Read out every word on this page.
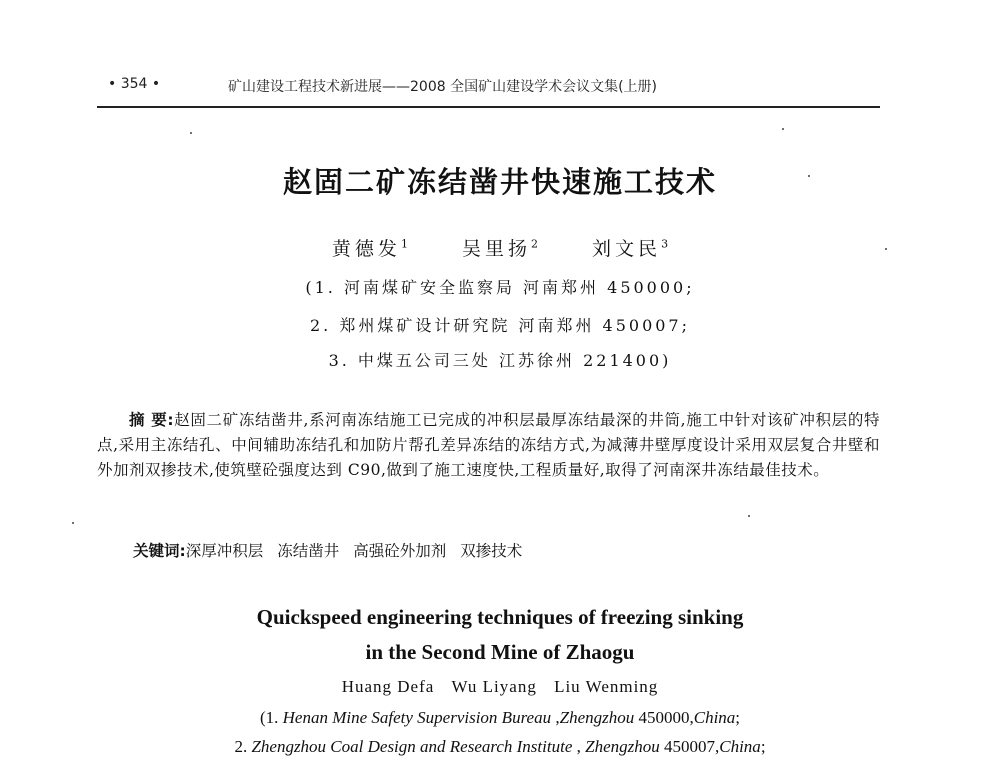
• 354 •	矿山建设工程技术新进展——2008 全国矿山建设学术会议文集(上册)
赵固二矿冻结凿井快速施工技术
黄德发$^1$	吴里扬$^2$	刘文民$^3$
(1. 河南煤矿安全监察局 河南郑州 450000;
2. 郑州煤矿设计研究院 河南郑州 450007;
3. 中煤五公司三处 江苏徐州 221400)
摘 要:赵固二矿冻结凿井,系河南冻结施工已完成的冲积层最厚冻结最深的井筒,施工中针对该矿冲积层的特点,采用主冻结孔、中间辅助冻结孔和加防片帮孔差异冻结的冻结方式,为减薄井壁厚度设计采用双层复合井壁和外加剂双掺技术,使筑壁砼强度达到 C90,做到了施工速度快,工程质量好,取得了河南深井冻结最佳技术。
关键词:深厚冲积层 冻结凿井 高强砼外加剂 双掺技术
Quickspeed engineering techniques of freezing sinking
in the Second Mine of Zhaogu
Huang Defa Wu Liyang Liu Wenming
(1. Henan Mine Safety Supervision Bureau ,Zhengzhou 450000,China;
2. Zhengzhou Coal Design and Research Institute , Zhengzhou 450007,China;
